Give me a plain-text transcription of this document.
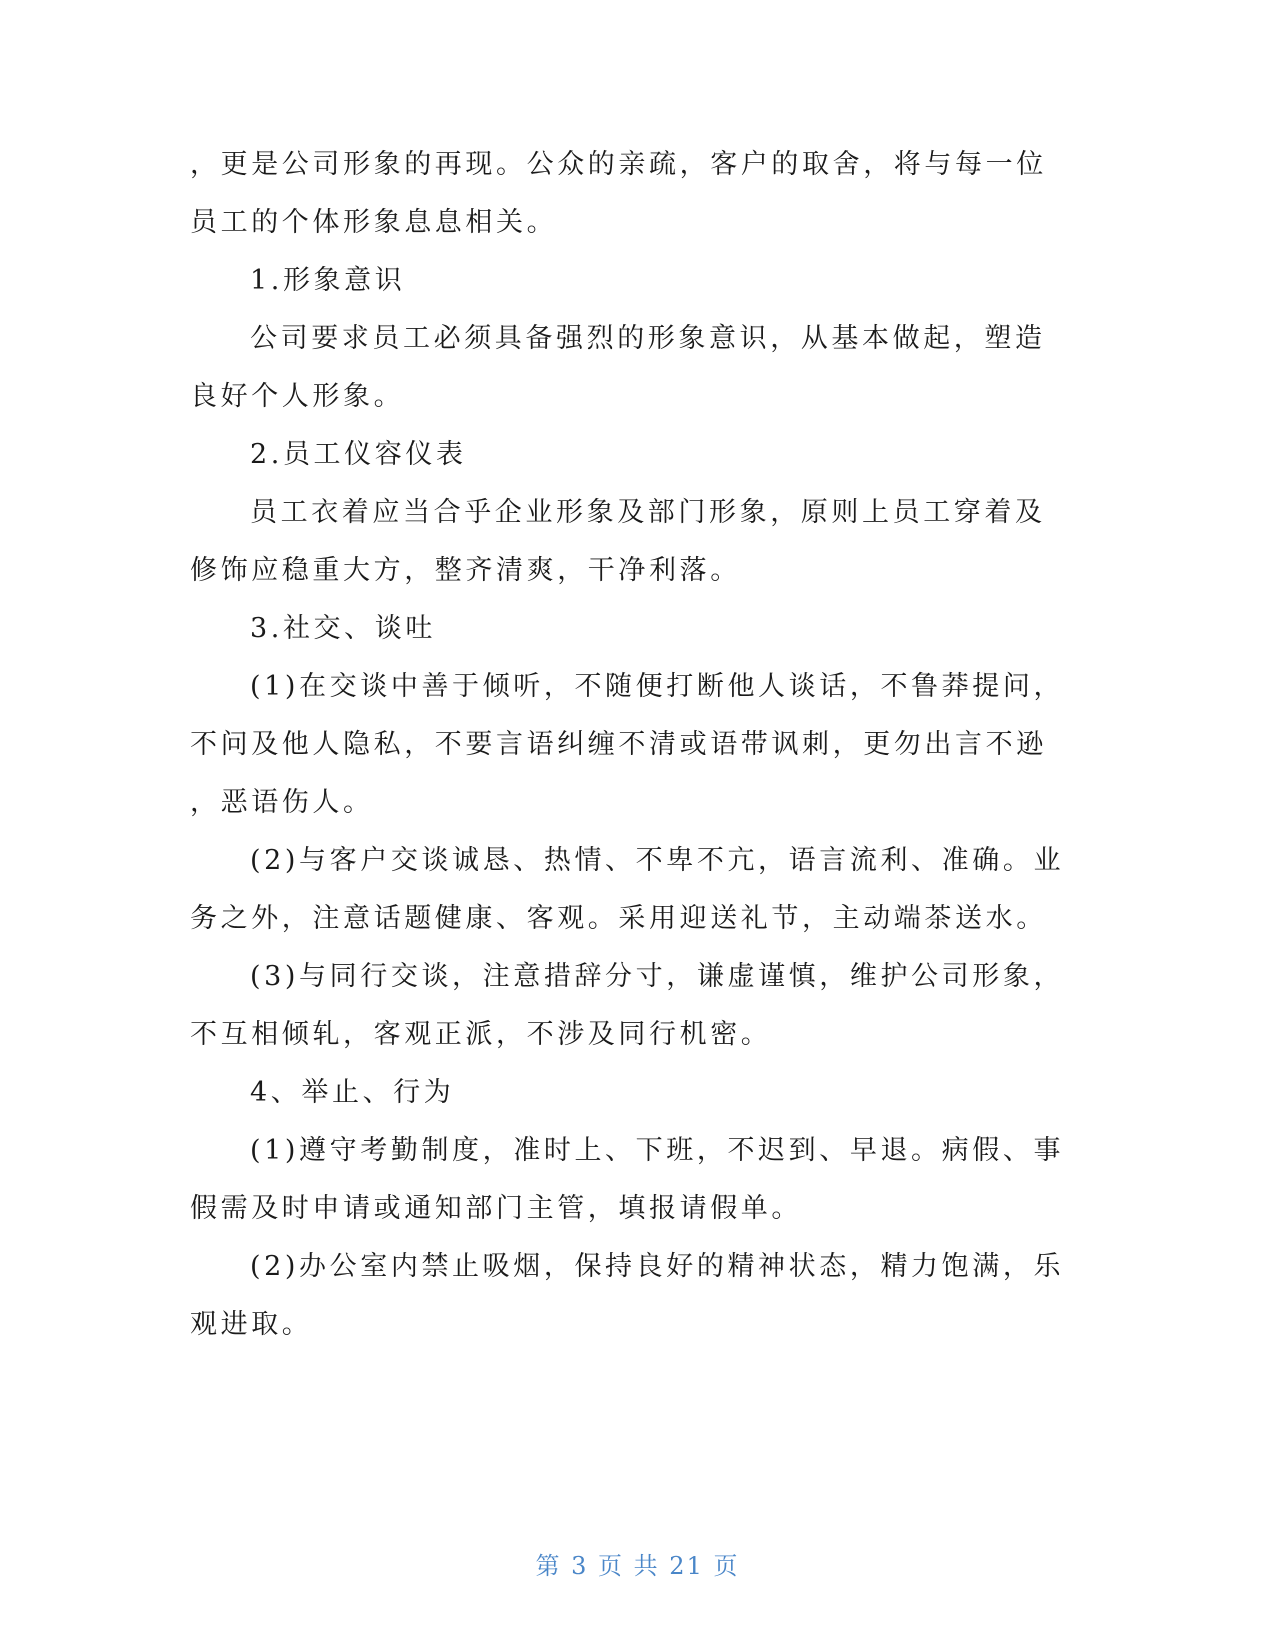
，更是公司形象的再现。公众的亲疏，客户的取舍，将与每一位
员工的个体形象息息相关。
1.形象意识
公司要求员工必须具备强烈的形象意识，从基本做起，塑造
良好个人形象。
2.员工仪容仪表
员工衣着应当合乎企业形象及部门形象，原则上员工穿着及
修饰应稳重大方，整齐清爽，干净利落。
3.社交、谈吐
(1)在交谈中善于倾听，不随便打断他人谈话，不鲁莽提问，
不问及他人隐私，不要言语纠缠不清或语带讽刺，更勿出言不逊
，恶语伤人。
(2)与客户交谈诚恳、热情、不卑不亢，语言流利、准确。业
务之外，注意话题健康、客观。采用迎送礼节，主动端茶送水。
(3)与同行交谈，注意措辞分寸，谦虚谨慎，维护公司形象，
不互相倾轧，客观正派，不涉及同行机密。
4、举止、行为
(1)遵守考勤制度，准时上、下班，不迟到、早退。病假、事
假需及时申请或通知部门主管，填报请假单。
(2)办公室内禁止吸烟，保持良好的精神状态，精力饱满，乐
观进取。
第 3 页 共 21 页
